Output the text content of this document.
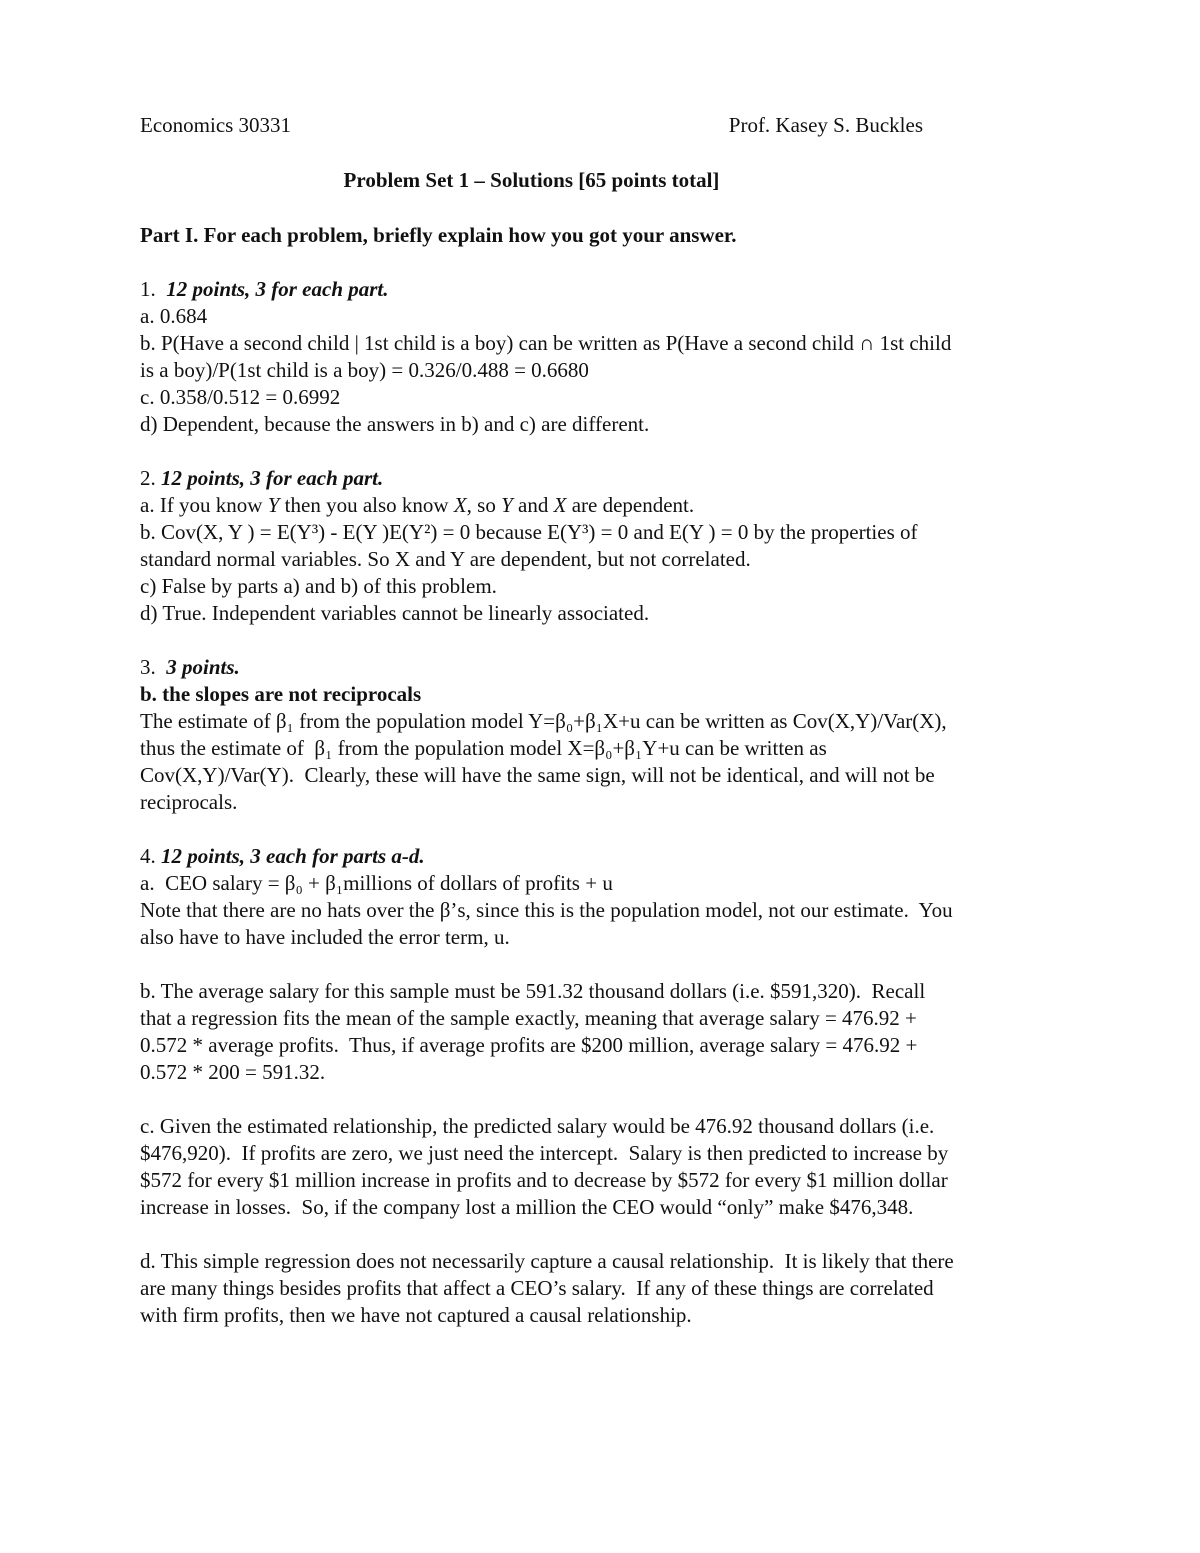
Economics 30331	Prof. Kasey S. Buckles
Problem Set 1 – Solutions [65 points total]
Part I. For each problem, briefly explain how you got your answer.
1.  12 points, 3 for each part.
a. 0.684
b. P(Have a second child | 1st child is a boy) can be written as P(Have a second child ∩ 1st child
is a boy)/P(1st child is a boy) = 0.326/0.488 = 0.6680
c. 0.358/0.512 = 0.6992
d) Dependent, because the answers in b) and c) are different.
2. 12 points, 3 for each part.
a. If you know Y then you also know X, so Y and X are dependent.
b. Cov(X, Y ) = E(Y³) - E(Y )E(Y²) = 0 because E(Y³) = 0 and E(Y ) = 0 by the properties of
standard normal variables. So X and Y are dependent, but not correlated.
c) False by parts a) and b) of this problem.
d) True. Independent variables cannot be linearly associated.
3.  3 points.
b. the slopes are not reciprocals
The estimate of β₁ from the population model Y=β₀+β₁X+u can be written as Cov(X,Y)/Var(X),
thus the estimate of  β₁ from the population model X=β₀+β₁Y+u can be written as
Cov(X,Y)/Var(Y).  Clearly, these will have the same sign, will not be identical, and will not be
reciprocals.
4. 12 points, 3 each for parts a-d.
a.  CEO salary = β₀ + β₁millions of dollars of profits + u
Note that there are no hats over the β’s, since this is the population model, not our estimate.  You
also have to have included the error term, u.
b. The average salary for this sample must be 591.32 thousand dollars (i.e. $591,320).  Recall
that a regression fits the mean of the sample exactly, meaning that average salary = 476.92 +
0.572 * average profits.  Thus, if average profits are $200 million, average salary = 476.92 +
0.572 * 200 = 591.32.
c. Given the estimated relationship, the predicted salary would be 476.92 thousand dollars (i.e.
$476,920).  If profits are zero, we just need the intercept.  Salary is then predicted to increase by
$572 for every $1 million increase in profits and to decrease by $572 for every $1 million dollar
increase in losses.  So, if the company lost a million the CEO would “only” make $476,348.
d. This simple regression does not necessarily capture a causal relationship.  It is likely that there
are many things besides profits that affect a CEO’s salary.  If any of these things are correlated
with firm profits, then we have not captured a causal relationship.
